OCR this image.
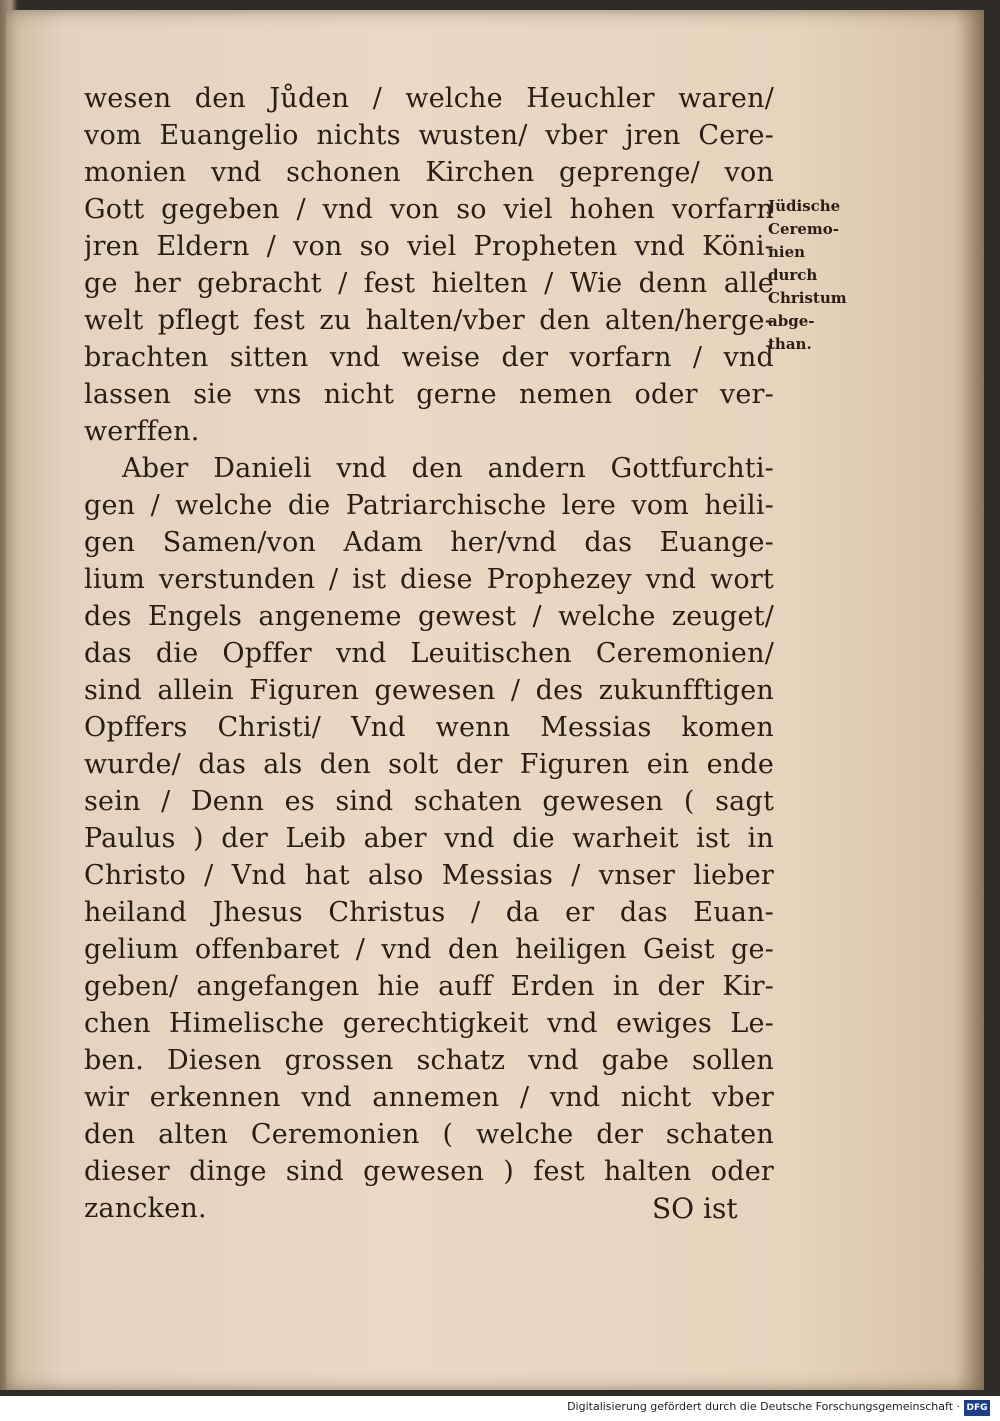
wesen den Jůden / welche Heuchler waren/
vom Euangelio nichts wusten/ vber jren Cere-
monien vnd schonen Kirchen geprenge/ von
Gott gegeben / vnd von so viel hohen vorfarn
jren Eldern / von so viel Propheten vnd Köni-
ge her gebracht / fest hielten / Wie denn alle
welt pflegt fest zu halten/vber den alten/herge-
brachten sitten vnd weise der vorfarn / vnd
lassen sie vns nicht gerne nemen oder ver-
werffen.
Aber Danieli vnd den andern Gottfurchti-
gen / welche die Patriarchische lere vom heili-
gen Samen/von Adam her/vnd das Euange-
lium verstunden / ist diese Prophezey vnd wort
des Engels angeneme gewest / welche zeuget/
das die Opffer vnd Leuitischen Ceremonien/
sind allein Figuren gewesen / des zukunfftigen
Opffers Christi/ Vnd wenn Messias komen
wurde/ das als den solt der Figuren ein ende
sein / Denn es sind schaten gewesen ( sagt
Paulus ) der Leib aber vnd die warheit ist in
Christo / Vnd hat also Messias / vnser lieber
heiland Jhesus Christus / da er das Euan-
gelium offenbaret / vnd den heiligen Geist ge-
geben/ angefangen hie auff Erden in der Kir-
chen Himelische gerechtigkeit vnd ewiges Le-
ben. Diesen grossen schatz vnd gabe sollen
wir erkennen vnd annemen / vnd nicht vber
den alten Ceremonien ( welche der schaten
dieser dinge sind gewesen ) fest halten oder
zancken.
Jüdische
Ceremo-
nien
durch
Christum
abge-
than.
SO ist
Digitalisierung gefördert durch die Deutsche Forschungsgemeinschaft · DFG
